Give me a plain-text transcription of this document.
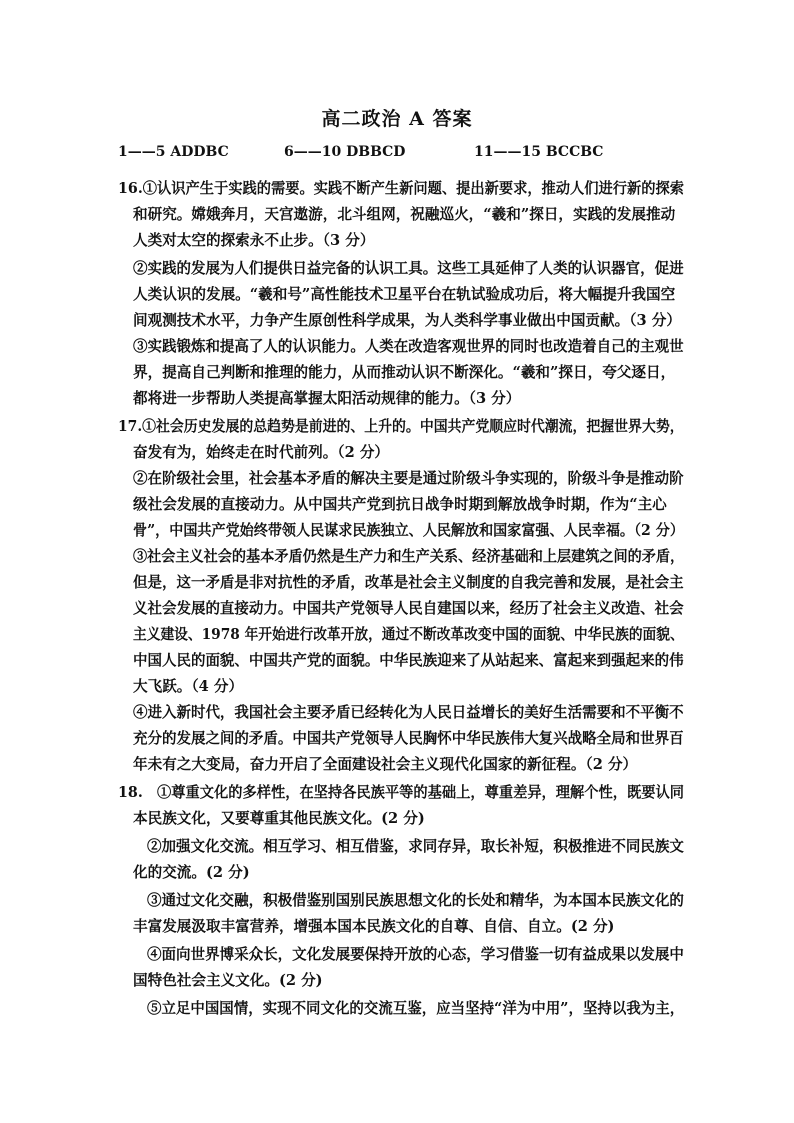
高二政治 A 答案
1——5 ADDBC	6——10 DBBCD	11——15 BCCBC
16.①认识产生于实践的需要。实践不断产生新问题、提出新要求，推动人们进行新的探索
和研究。嫦娥奔月，天宫遨游，北斗组网，祝融巡火，“羲和”探日，实践的发展推动
人类对太空的探索永不止步。（3 分）
②实践的发展为人们提供日益完备的认识工具。这些工具延伸了人类的认识器官，促进
人类认识的发展。“羲和号”高性能技术卫星平台在轨试验成功后，将大幅提升我国空
间观测技术水平，力争产生原创性科学成果，为人类科学事业做出中国贡献。（3 分）
③实践锻炼和提高了人的认识能力。人类在改造客观世界的同时也改造着自己的主观世
界，提高自己判断和推理的能力，从而推动认识不断深化。“羲和”探日，夸父逐日，
都将进一步帮助人类提高掌握太阳活动规律的能力。（3 分）
17.①社会历史发展的总趋势是前进的、上升的。中国共产党顺应时代潮流，把握世界大势，
奋发有为，始终走在时代前列。（2 分）
②在阶级社会里，社会基本矛盾的解决主要是通过阶级斗争实现的，阶级斗争是推动阶
级社会发展的直接动力。从中国共产党到抗日战争时期到解放战争时期，作为“主心
骨”，中国共产党始终带领人民谋求民族独立、人民解放和国家富强、人民幸福。（2 分）
③社会主义社会的基本矛盾仍然是生产力和生产关系、经济基础和上层建筑之间的矛盾，
但是，这一矛盾是非对抗性的矛盾，改革是社会主义制度的自我完善和发展，是社会主
义社会发展的直接动力。中国共产党领导人民自建国以来，经历了社会主义改造、社会
主义建设、1978 年开始进行改革开放，通过不断改革改变中国的面貌、中华民族的面貌、
中国人民的面貌、中国共产党的面貌。中华民族迎来了从站起来、富起来到强起来的伟
大飞跃。（4 分）
④进入新时代，我国社会主要矛盾已经转化为人民日益增长的美好生活需要和不平衡不
充分的发展之间的矛盾。中国共产党领导人民胸怀中华民族伟大复兴战略全局和世界百
年未有之大变局，奋力开启了全面建设社会主义现代化国家的新征程。（2 分）
18.　①尊重文化的多样性，在坚持各民族平等的基础上，尊重差异，理解个性，既要认同
本民族文化，又要尊重其他民族文化。(2 分)
②加强文化交流。相互学习、相互借鉴，求同存异，取长补短，积极推进不同民族文
化的交流。(2 分)
③通过文化交融，积极借鉴别国别民族思想文化的长处和精华，为本国本民族文化的
丰富发展汲取丰富营养，增强本国本民族文化的自尊、自信、自立。(2 分)
④面向世界博采众长，文化发展要保持开放的心态，学习借鉴一切有益成果以发展中
国特色社会主义文化。(2 分)
⑤立足中国国情，实现不同文化的交流互鉴，应当坚持“洋为中用”，坚持以我为主，
